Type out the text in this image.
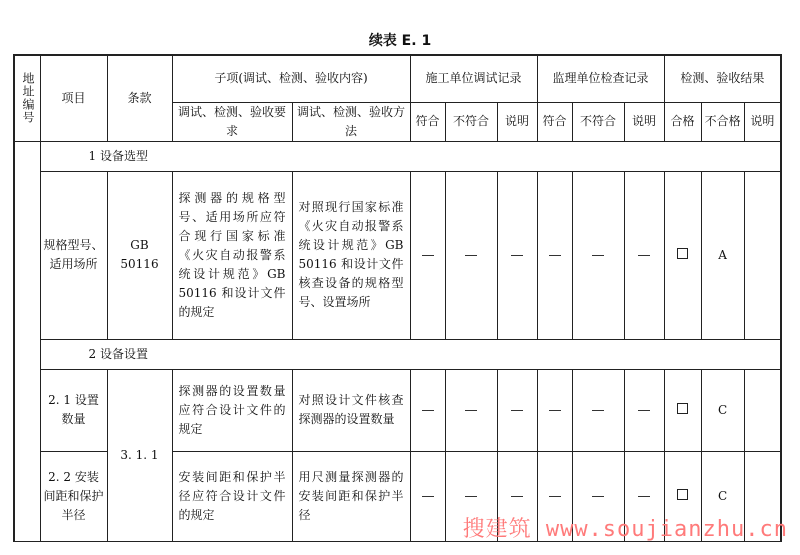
续表 E. 1
地址编号	项目	条款	子项(调试、检测、验收内容)		施工单位调试记录			监理单位检查记录			检测、验收结果		
			调试、检测、验收要求	调试、检测、验收方法	符合	不符合	说明	符合	不符合	说明	合格	不合格	说明
	1 设备选型												
	规格型号、适用场所	GB 50116	探测器的规格型号、适用场所应符合现行国家标准《火灾自动报警系统设计规范》GB 50116 和设计文件的规定	对照现行国家标准《火灾自动报警系统设计规范》GB 50116 和设计文件核查设备的规格型号、设置场所								A	
	2 设备设置												
	2. 1 设置数量	3. 1. 1	探测器的设置数量应符合设计文件的规定	对照设计文件核查探测器的设置数量								C	
	2. 2 安装间距和保护半径		安装间距和保护半径应符合设计文件的规定	用尺测量探测器的安装间距和保护半径								C	
搜建筑 www.soujianzhu.cn
